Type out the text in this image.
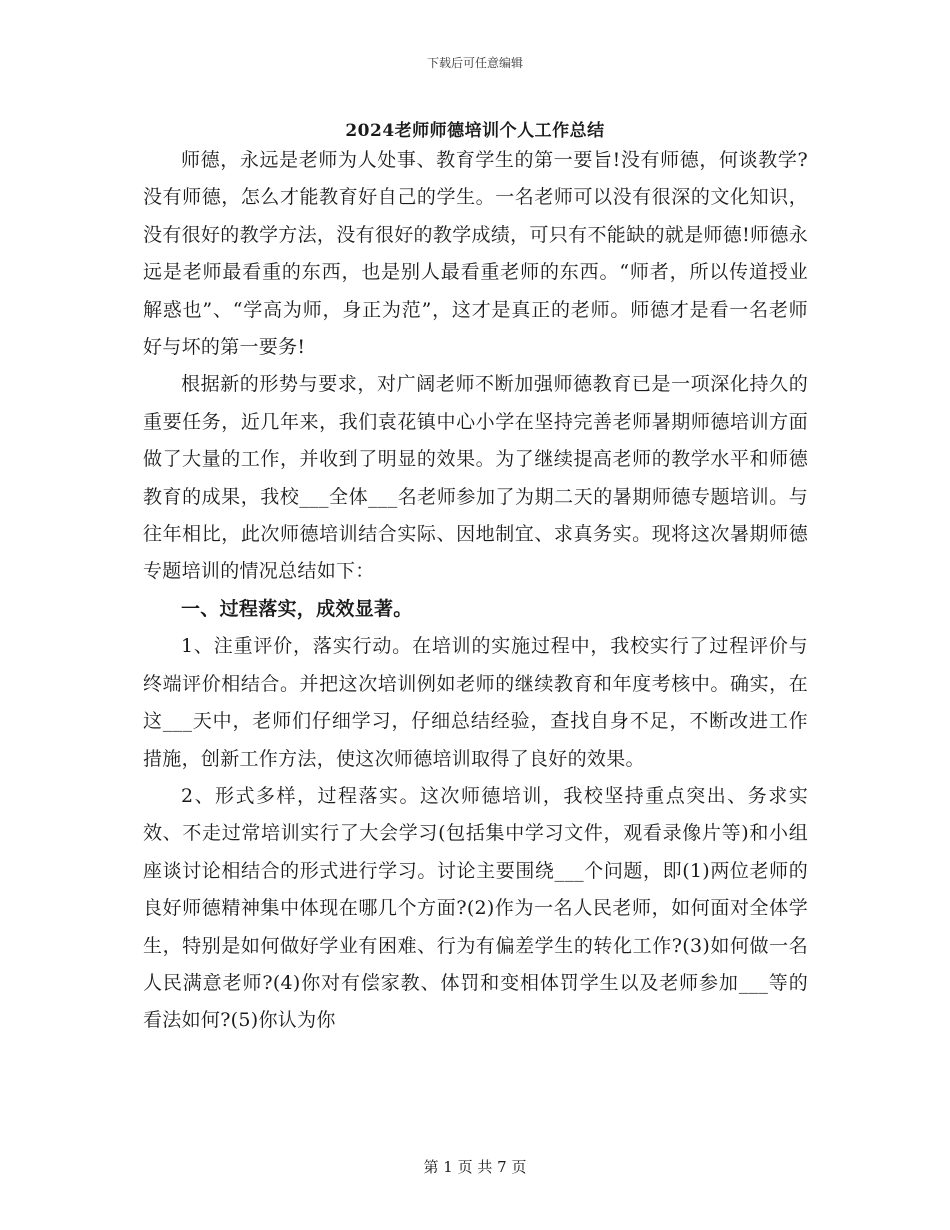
下载后可任意编辑
2024老师师德培训个人工作总结

师德，永远是老师为人处事、教育学生的第一要旨!没有师德，何谈教学?没有师德，怎么才能教育好自己的学生。一名老师可以没有很深的文化知识，没有很好的教学方法，没有很好的教学成绩，可只有不能缺的就是师德!师德永远是老师最看重的东西，也是别人最看重老师的东西。“师者，所以传道授业解惑也”、“学高为师，身正为范”，这才是真正的老师。师德才是看一名老师好与坏的第一要务!

根据新的形势与要求，对广阔老师不断加强师德教育已是一项深化持久的重要任务，近几年来，我们袁花镇中心小学在坚持完善老师暑期师德培训方面做了大量的工作，并收到了明显的效果。为了继续提高老师的教学水平和师德教育的成果，我校___全体___名老师参加了为期二天的暑期师德专题培训。与往年相比，此次师德培训结合实际、因地制宜、求真务实。现将这次暑期师德专题培训的情况总结如下：

一、过程落实，成效显著。

1、注重评价，落实行动。在培训的实施过程中，我校实行了过程评价与终端评价相结合。并把这次培训例如老师的继续教育和年度考核中。确实，在这___天中，老师们仔细学习，仔细总结经验，查找自身不足，不断改进工作措施，创新工作方法，使这次师德培训取得了良好的效果。

2、形式多样，过程落实。这次师德培训，我校坚持重点突出、务求实效、不走过常培训实行了大会学习(包括集中学习文件，观看录像片等)和小组座谈讨论相结合的形式进行学习。讨论主要围绕___个问题，即(1)两位老师的良好师德精神集中体现在哪几个方面?(2)作为一名人民老师，如何面对全体学生，特别是如何做好学业有困难、行为有偏差学生的转化工作?(3)如何做一名人民满意老师?(4)你对有偿家教、体罚和变相体罚学生以及老师参加___等的看法如何?(5)你认为你

第 1 页 共 7 页
